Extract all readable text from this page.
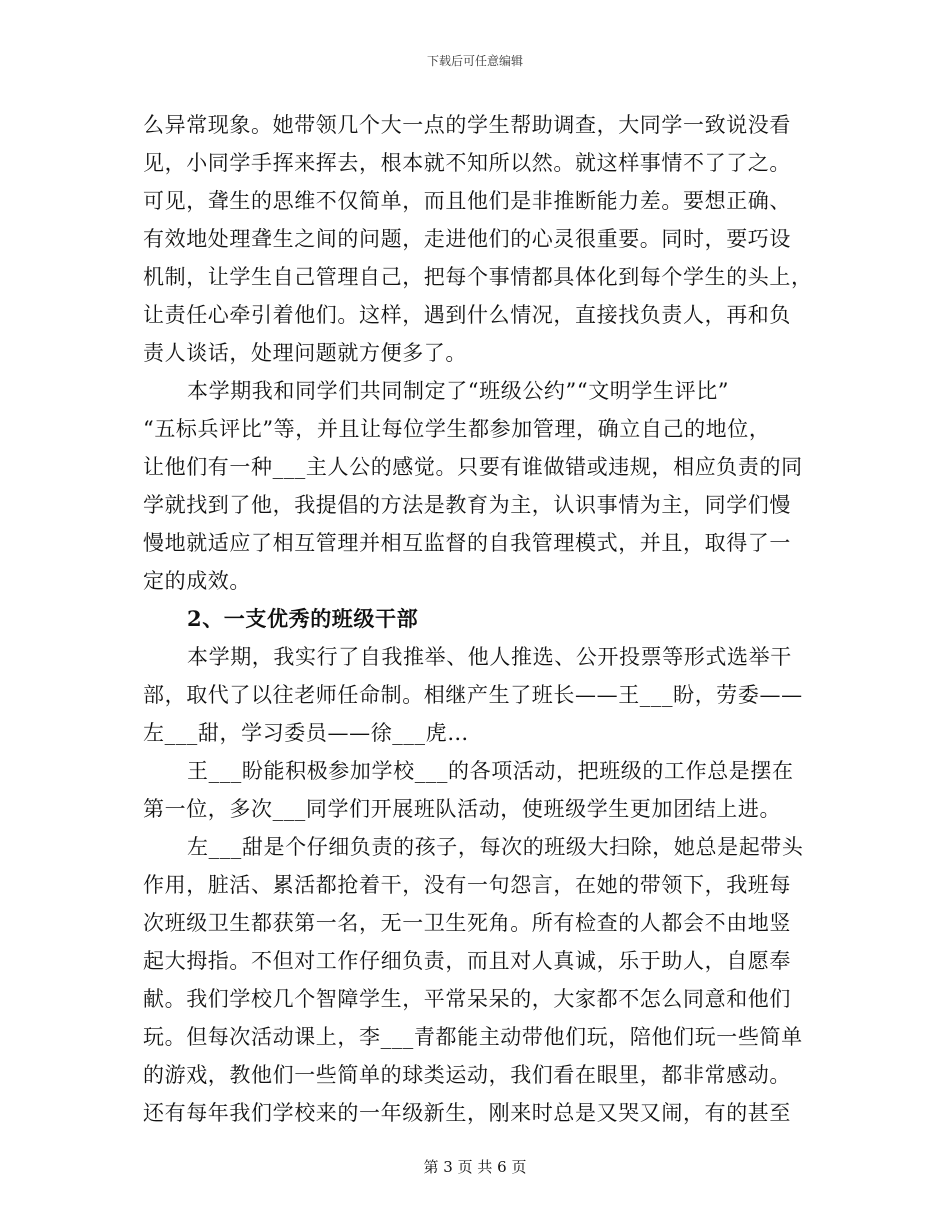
下载后可任意编辑
么异常现象。她带领几个大一点的学生帮助调查，大同学一致说没看
见，小同学手挥来挥去，根本就不知所以然。就这样事情不了了之。
可见，聋生的思维不仅简单，而且他们是非推断能力差。要想正确、
有效地处理聋生之间的问题，走进他们的心灵很重要。同时，要巧设
机制，让学生自己管理自己，把每个事情都具体化到每个学生的头上，
让责任心牵引着他们。这样，遇到什么情况，直接找负责人，再和负
责人谈话，处理问题就方便多了。
本学期我和同学们共同制定了“班级公约”“文明学生评比”
“五标兵评比”等，并且让每位学生都参加管理，确立自己的地位，
让他们有一种___主人公的感觉。只要有谁做错或违规，相应负责的同
学就找到了他，我提倡的方法是教育为主，认识事情为主，同学们慢
慢地就适应了相互管理并相互监督的自我管理模式，并且，取得了一
定的成效。
2、一支优秀的班级干部
本学期，我实行了自我推举、他人推选、公开投票等形式选举干
部，取代了以往老师任命制。相继产生了班长——王___盼，劳委——
左___甜，学习委员——徐___虎…
王___盼能积极参加学校___的各项活动，把班级的工作总是摆在
第一位，多次___同学们开展班队活动，使班级学生更加团结上进。
左___甜是个仔细负责的孩子，每次的班级大扫除，她总是起带头
作用，脏活、累活都抢着干，没有一句怨言，在她的带领下，我班每
次班级卫生都获第一名，无一卫生死角。所有检查的人都会不由地竖
起大拇指。不但对工作仔细负责，而且对人真诚，乐于助人，自愿奉
献。我们学校几个智障学生，平常呆呆的，大家都不怎么同意和他们
玩。但每次活动课上，李___青都能主动带他们玩，陪他们玩一些简单
的游戏，教他们一些简单的球类运动，我们看在眼里，都非常感动。
还有每年我们学校来的一年级新生，刚来时总是又哭又闹，有的甚至
第 3 页 共 6 页
